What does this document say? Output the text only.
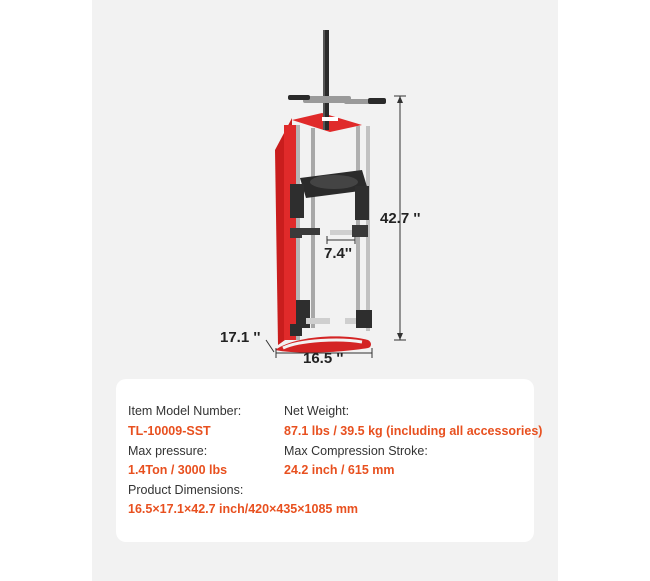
42.7 ''
7.4''
17.1 ''
16.5 ''
Item Model Number:
TL-10009-SST
Net Weight:
87.1 lbs / 39.5 kg (including all accessories)
Max pressure:
1.4Ton / 3000 lbs
Max Compression Stroke:
24.2 inch / 615 mm
Product Dimensions:
16.5×17.1×42.7 inch/420×435×1085 mm
